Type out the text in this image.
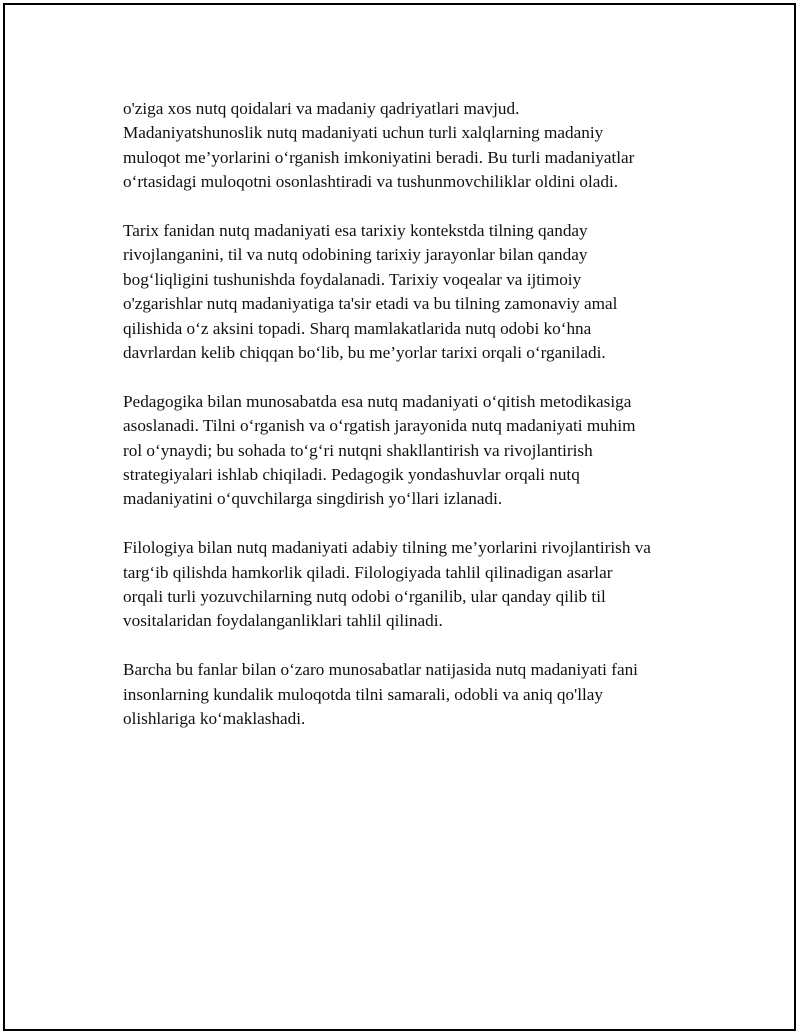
o'ziga xos nutq qoidalari va madaniy qadriyatlari mavjud.
Madaniyatshunoslik nutq madaniyati uchun turli xalqlarning madaniy
muloqot me’yorlarini o‘rganish imkoniyatini beradi. Bu turli madaniyatlar
o‘rtasidagi muloqotni osonlashtiradi va tushunmovchiliklar oldini oladi.

Tarix fanidan nutq madaniyati esa tarixiy kontekstda tilning qanday
rivojlanganini, til va nutq odobining tarixiy jarayonlar bilan qanday
bog‘liqligini tushunishda foydalanadi. Tarixiy voqealar va ijtimoiy
o'zgarishlar nutq madaniyatiga ta'sir etadi va bu tilning zamonaviy amal
qilishida o‘z aksini topadi. Sharq mamlakatlarida nutq odobi ko‘hna
davrlardan kelib chiqqan bo‘lib, bu me’yorlar tarixi orqali o‘rganiladi.

Pedagogika bilan munosabatda esa nutq madaniyati o‘qitish metodikasiga
asoslanadi. Tilni o‘rganish va o‘rgatish jarayonida nutq madaniyati muhim
rol o‘ynaydi; bu sohada to‘g‘ri nutqni shakllantirish va rivojlantirish
strategiyalari ishlab chiqiladi. Pedagogik yondashuvlar orqali nutq
madaniyatini o‘quvchilarga singdirish yo‘llari izlanadi.

Filologiya bilan nutq madaniyati adabiy tilning me’yorlarini rivojlantirish va
targ‘ib qilishda hamkorlik qiladi. Filologiyada tahlil qilinadigan asarlar
orqali turli yozuvchilarning nutq odobi o‘rganilib, ular qanday qilib til
vositalaridan foydalanganliklari tahlil qilinadi.

Barcha bu fanlar bilan o‘zaro munosabatlar natijasida nutq madaniyati fani
insonlarning kundalik muloqotda tilni samarali, odobli va aniq qo'llay
olishlariga ko‘maklashadi.
